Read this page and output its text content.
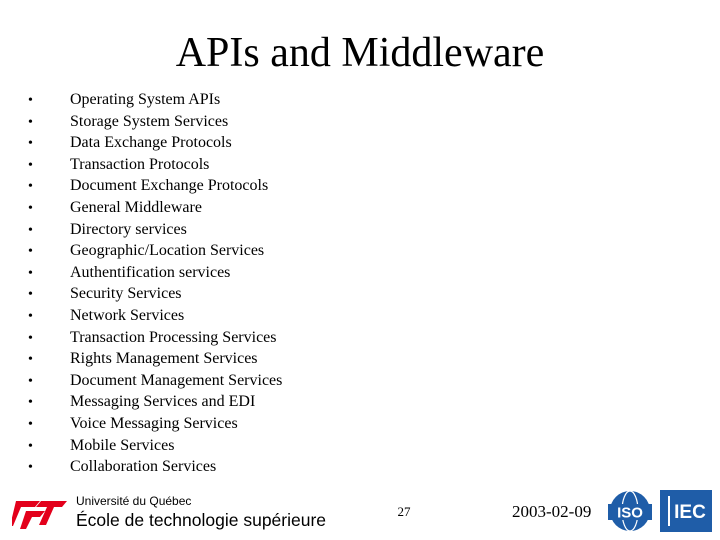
APIs and Middleware
•	Operating System APIs
•	Storage System Services
•	Data Exchange Protocols
•	Transaction Protocols
•	Document Exchange Protocols
•	General Middleware
•	Directory services
•	Geographic/Location Services
•	Authentification services
•	Security Services
•	Network Services
•	Transaction Processing Services
•	Rights Management Services
•	Document Management Services
•	Messaging Services and EDI
•	Voice Messaging Services
•	Mobile Services
•	Collaboration Services
Université du Québec
École de technologie supérieure	27	2003-02-09 ISO IEC
